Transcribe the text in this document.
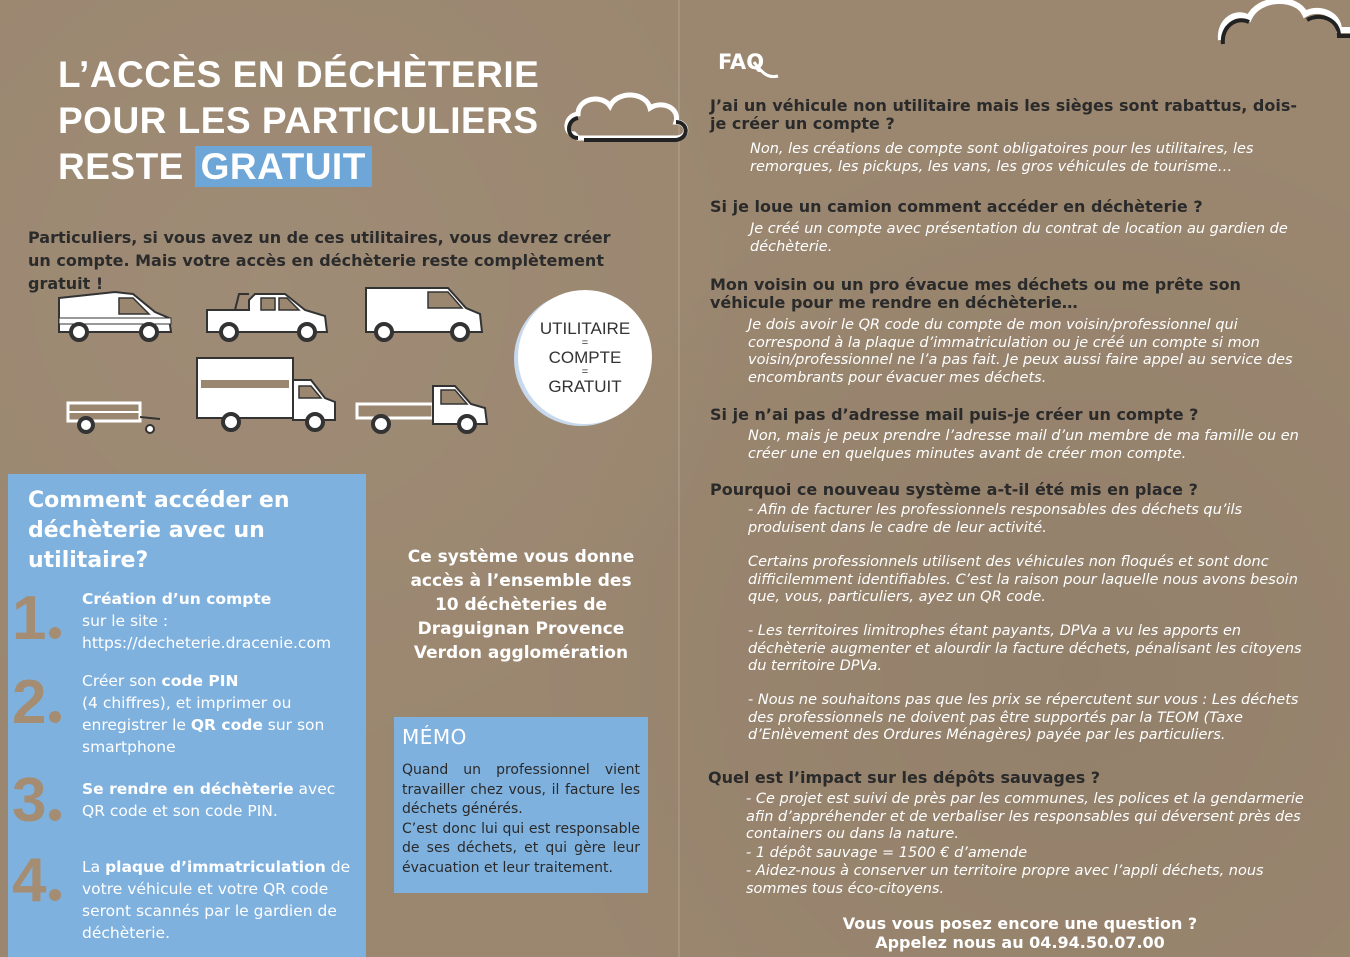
L’ACCÈS EN DÉCHÈTERIE
POUR LES PARTICULIERS
RESTE GRATUIT
Particuliers, si vous avez un de ces utilitaires, vous devrez créer un compte. Mais votre accès en déchèterie reste complètement gratuit !
UTILITAIRE
=
COMPTE
=
GRATUIT
Comment accéder en déchèterie avec un utilitaire?
1	Création d’un compte
sur le site :
https://decheterie.dracenie.com
2	Créer son code PIN
(4 chiffres), et imprimer ou enregistrer le QR code sur son smartphone
3	Se rendre en déchèterie avec QR code et son code PIN.
4	La plaque d’immatriculation de votre véhicule et votre QR code seront scannés par le gardien de déchèterie.
Ce système vous donne accès à l’ensemble des 10 déchèteries de Draguignan Provence Verdon agglomération
MÉMO
Quand un professionnel vient travailler chez vous, il facture les déchets générés.
C’est donc lui qui est responsable de ses déchets, et qui gère leur évacuation et leur traitement.
FAQ
J’ai un véhicule non utilitaire mais les sièges sont rabattus, dois-je créer un compte ?
Non, les créations de compte sont obligatoires pour les utilitaires, les remorques, les pickups, les vans, les gros véhicules de tourisme…
Si je loue un camion comment accéder en déchèterie ?
Je créé un compte avec présentation du contrat de location au gardien de déchèterie.
Mon voisin ou un pro évacue mes déchets ou me prête son véhicule pour me rendre en déchèterie…
Je dois avoir le QR code du compte de mon voisin/professionnel qui correspond à la plaque d’immatriculation ou je créé un compte si mon voisin/professionnel ne l’a pas fait. Je peux aussi faire appel au service des encombrants pour évacuer mes déchets.
Si je n’ai pas d’adresse mail puis-je créer un compte ?
Non, mais je peux prendre l’adresse mail d’un membre de ma famille ou en créer une en quelques minutes avant de créer mon compte.
Pourquoi ce nouveau système a-t-il été mis en place ?
- Afin de facturer les professionnels responsables des déchets qu’ils produisent dans le cadre de leur activité.
Certains professionnels utilisent des véhicules non floqués et sont donc difficilemment identifiables. C’est la raison pour laquelle nous avons besoin que, vous, particuliers, ayez un QR code.
- Les territoires limitrophes étant payants, DPVa a vu les apports en déchèterie augmenter et alourdir la facture déchets, pénalisant les citoyens du territoire DPVa.
- Nous ne souhaitons pas que les prix se répercutent sur vous : Les déchets des professionnels ne doivent pas être supportés par la TEOM (Taxe d’Enlèvement des Ordures Ménagères) payée par les particuliers.
Quel est l’impact sur les dépôts sauvages ?
- Ce projet est suivi de près par les communes, les polices et la gendarmerie afin d’appréhender et de verbaliser les responsables qui déversent près des containers ou dans la nature.
- 1 dépôt sauvage = 1500 € d’amende
- Aidez-nous à conserver un territoire propre avec l’appli déchets, nous sommes tous éco-citoyens.
Vous vous posez encore une question ?
Appelez nous au 04.94.50.07.00
